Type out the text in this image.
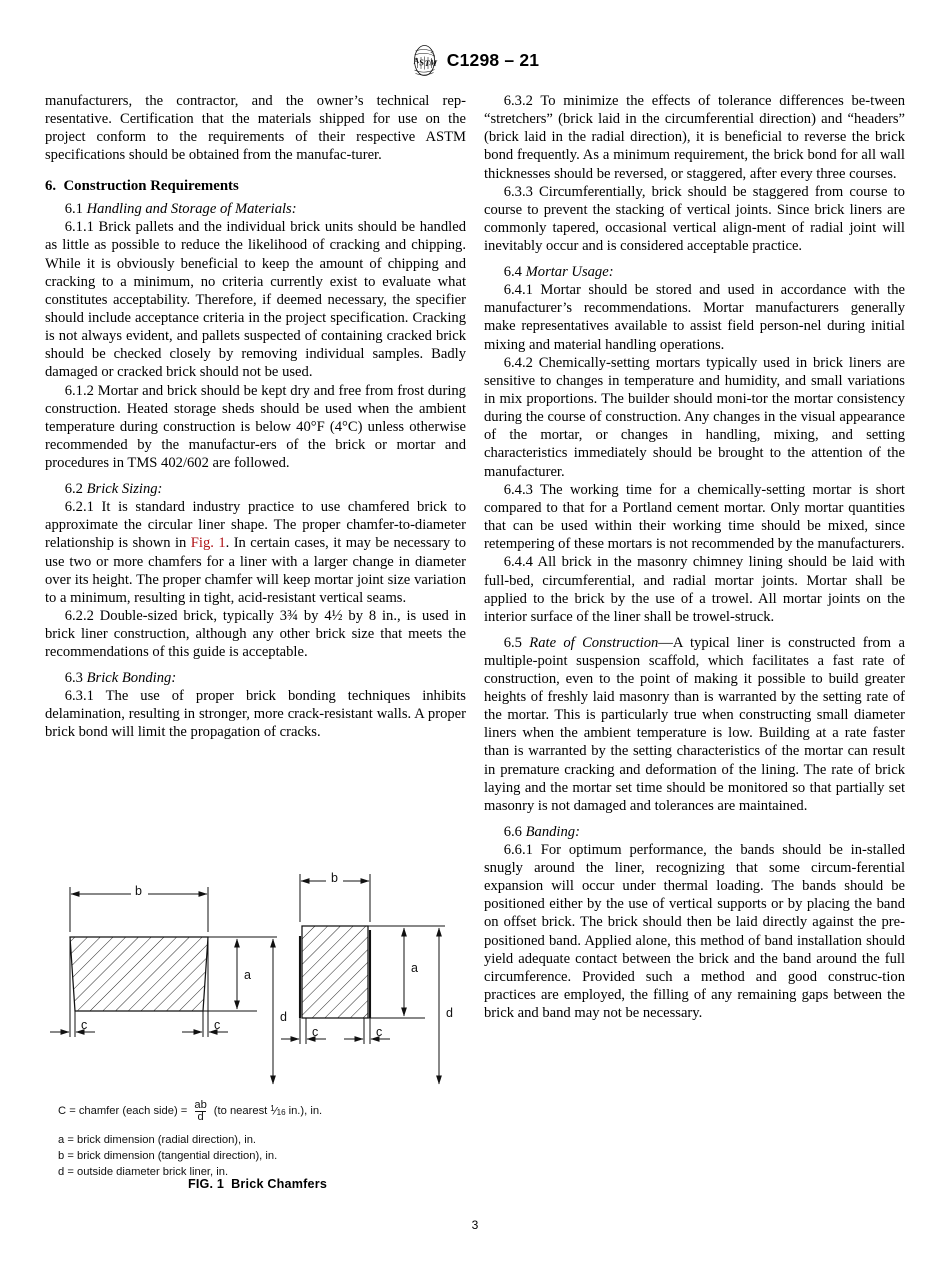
A
S T M C1298 – 21

manufacturers, the contractor, and the owner’s technical rep-resentative. Certification that the materials shipped for use on the project conform to the requirements of their respective ASTM specifications should be obtained from the manufac-turer.

6. Construction Requirements

6.1 Handling and Storage of Materials:

6.1.1 Brick pallets and the individual brick units should be handled as little as possible to reduce the likelihood of cracking and chipping. While it is obviously beneficial to keep the amount of chipping and cracking to a minimum, no criteria currently exist to evaluate what constitutes acceptability. Therefore, if deemed necessary, the specifier should include acceptance criteria in the project specification. Cracking is not always evident, and pallets suspected of containing cracked brick should be checked closely by removing individual samples. Badly damaged or cracked brick should not be used.

6.1.2 Mortar and brick should be kept dry and free from frost during construction. Heated storage sheds should be used when the ambient temperature during construction is below 40°F (4°C) unless otherwise recommended by the manufactur-ers of the brick or mortar and procedures in TMS 402/602 are followed.

6.2 Brick Sizing:

6.2.1 It is standard industry practice to use chamfered brick to approximate the circular liner shape. The proper chamfer-to-diameter relationship is shown in Fig. 1. In certain cases, it may be necessary to use two or more chamfers for a liner with a larger change in diameter over its height. The proper chamfer will keep mortar joint size variation to a minimum, resulting in tight, acid-resistant vertical seams.

6.2.2 Double-sized brick, typically 3¾ by 4½ by 8 in., is used in brick liner construction, although any other brick size that meets the recommendations of this guide is acceptable.

6.3 Brick Bonding:

6.3.1 The use of proper brick bonding techniques inhibits delamination, resulting in stronger, more crack-resistant walls. A proper brick bond will limit the propagation of cracks.

6.3.2 To minimize the effects of tolerance differences be-tween “stretchers” (brick laid in the circumferential direction) and “headers” (brick laid in the radial direction), it is beneficial to reverse the brick bond frequently. As a minimum requirement, the brick bond for all wall thicknesses should be reversed, or staggered, after every three courses.

6.3.3 Circumferentially, brick should be staggered from course to course to prevent the stacking of vertical joints. Since brick liners are commonly tapered, occasional vertical align-ment of radial joint will inevitably occur and is considered acceptable practice.

6.4 Mortar Usage:

6.4.1 Mortar should be stored and used in accordance with the manufacturer’s recommendations. Mortar manufacturers generally make representatives available to assist field person-nel during initial mixing and material handling operations.

6.4.2 Chemically-setting mortars typically used in brick liners are sensitive to changes in temperature and humidity, and small variations in mix proportions. The builder should moni-tor the mortar consistency during the course of construction. Any changes in the visual appearance of the mortar, or changes in handling, mixing, and setting characteristics immediately should be brought to the attention of the manufacturer.

6.4.3 The working time for a chemically-setting mortar is short compared to that for a Portland cement mortar. Only mortar quantities that can be used within their working time should be mixed, since retempering of these mortars is not recommended by the manufacturers.

6.4.4 All brick in the masonry chimney lining should be laid with full-bed, circumferential, and radial mortar joints. Mortar shall be applied to the brick by the use of a trowel. All mortar joints on the interior surface of the liner shall be trowel-struck.

6.5 Rate of Construction—A typical liner is constructed from a multiple-point suspension scaffold, which facilitates a fast rate of construction, even to the point of making it possible to build greater heights of freshly laid masonry than is warranted by the setting rate of the mortar. This is particularly true when constructing small diameter liners when the ambient temperature is low. Building at a rate faster than is warranted by the setting characteristics of the mortar can result in premature cracking and deformation of the lining. The rate of brick laying and the mortar set time should be monitored so that partially set masonry is not damaged and tolerances are maintained.

6.6 Banding:

6.6.1 For optimum performance, the bands should be in-stalled snugly around the liner, recognizing that some circum-ferential expansion will occur under thermal loading. The bands should be positioned either by the use of vertical supports or by placing the band on offset brick. The brick should then be laid directly against the pre-positioned band. Applied alone, this method of band installation should yield adequate contact between the brick and the band around the full circumference. Provided such a method and good construc-tion practices are employed, the filling of any remaining gaps between the brick and band may not be necessary.

b
a
d
c	c
b
a
d
c	c
C = chamfer (each side) = $\frac{ab}{d} (to$ nearest $^1⁄_{16}$ in.), in.
a = brick dimension (radial direction), in.
b = brick dimension (tangential direction), in.
d = outside diameter brick liner, in.
FIG. 1 Brick Chamfers
3
